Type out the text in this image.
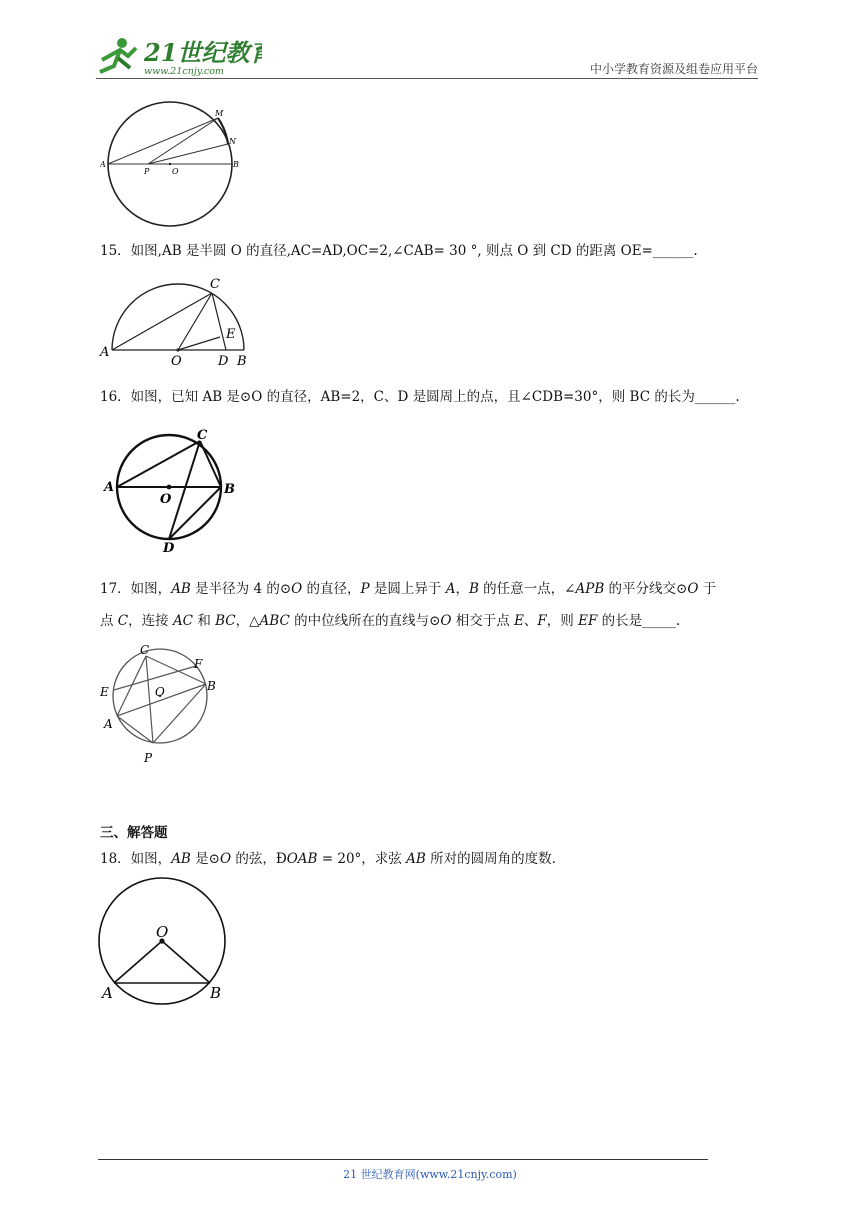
21世纪教育
www.21cnjy.com	中小学教育资源及组卷应用平台
M
N
A
P	O
B
15．如图,AB 是半圆 O 的直径,AC=AD,OC=2,∠CAB= 30 °, 则点 O 到 CD 的距离 OE=______.
C
E
A
O	D B
16．如图，已知 AB 是⊙O 的直径，AB=2，C、D 是圆周上的点，且∠CDB=30°，则 BC 的长为______.
C
A
O
B
D
17．如图，AB 是半径为 4 的⊙O 的直径，P 是圆上异于 A，B 的任意一点，∠APB 的平分线交⊙O 于
点 C，连接 AC 和 BC，△ABC 的中位线所在的直线与⊙O 相交于点 E、F，则 EF 的长是_____.
C
F
E	O	B
A
P
三、解答题
18．如图，AB 是⊙O 的弦，ÐOAB = 20°，求弦 AB 所对的圆周角的度数.
O
A	B
21 世纪教育网(www.21cnjy.com)
